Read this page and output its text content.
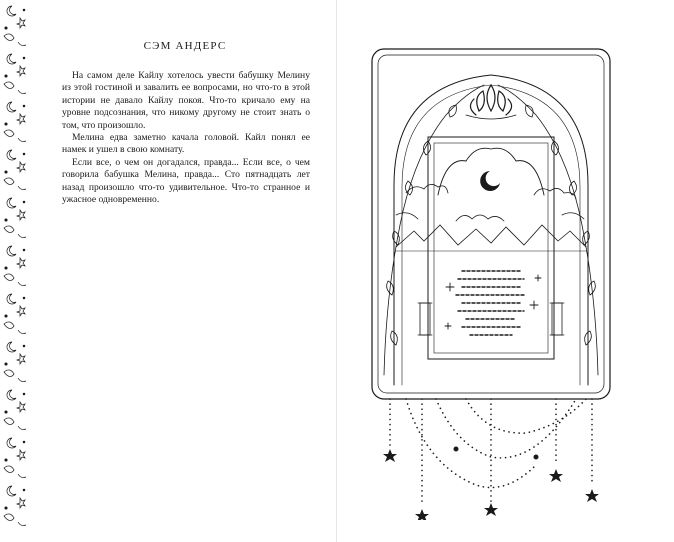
СЭМ АНДЕРС

На самом деле Кайлу хотелось увести бабушку Мелину из этой гостиной и завалить ее вопросами, но что-то в этой истории не давало Кайлу покоя. Что-то кричало ему на уровне подсознания, что никому другому не стоит знать о том, что произошло.

Мелина едва заметно качала головой. Кайл понял ее намек и ушел в свою комнату.

Если все, о чем он догадался, правда... Если все, о чем говорила бабушка Мелина, правда... Сто пятнадцать лет назад произошло что-то удивительное. Что-то странное и ужасное одновременно.
